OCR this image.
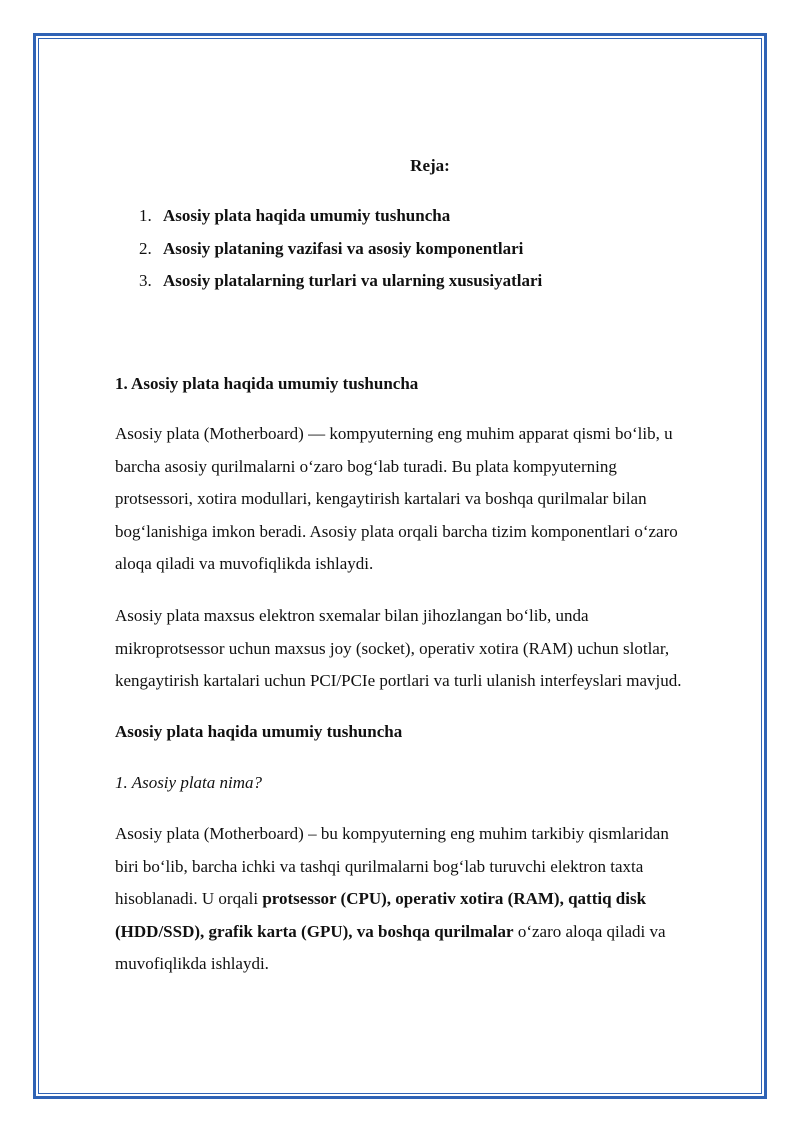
Reja:
1. Asosiy plata haqida umumiy tushuncha
2. Asosiy plataning vazifasi va asosiy komponentlari
3. Asosiy platalarning turlari va ularning xususiyatlari
1. Asosiy plata haqida umumiy tushuncha

Asosiy plata (Motherboard) — kompyuterning eng muhim apparat qismi boʻlib, u
barcha asosiy qurilmalarni oʻzaro bogʻlab turadi. Bu plata kompyuterning
protsessori, xotira modullari, kengaytirish kartalari va boshqa qurilmalar bilan
bogʻlanishiga imkon beradi. Asosiy plata orqali barcha tizim komponentlari oʻzaro
aloqa qiladi va muvofiqlikda ishlaydi.

Asosiy plata maxsus elektron sxemalar bilan jihozlangan boʻlib, unda
mikroprotsessor uchun maxsus joy (socket), operativ xotira (RAM) uchun slotlar,
kengaytirish kartalari uchun PCI/PCIe portlari va turli ulanish interfeyslari mavjud.

Asosiy plata haqida umumiy tushuncha
1. Asosiy plata nima?

Asosiy plata (Motherboard) – bu kompyuterning eng muhim tarkibiy qismlaridan
biri boʻlib, barcha ichki va tashqi qurilmalarni bogʻlab turuvchi elektron taxta
hisoblanadi. U orqali protsessor (CPU), operativ xotira (RAM), qattiq disk
(HDD/SSD), grafik karta (GPU), va boshqa qurilmalar oʻzaro aloqa qiladi va
muvofiqlikda ishlaydi.
